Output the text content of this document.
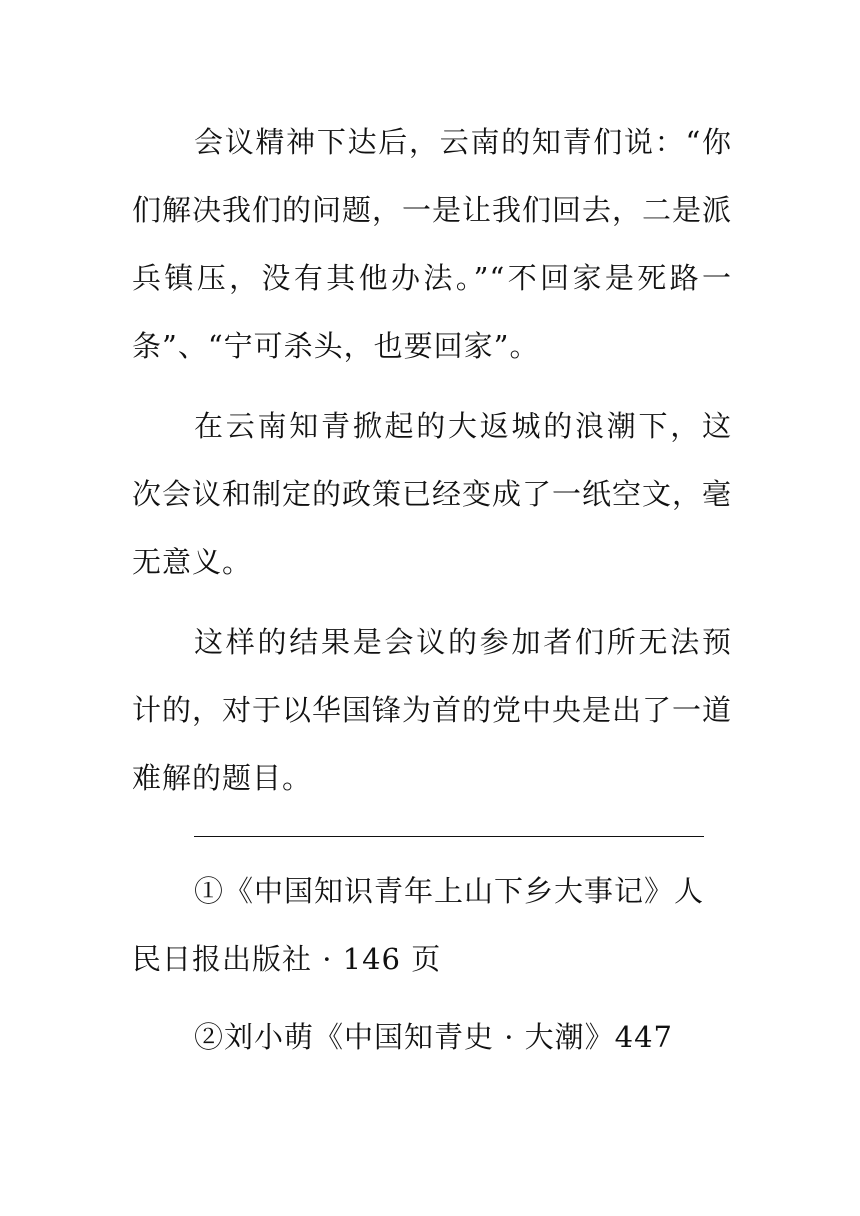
会议精神下达后，云南的知青们说：“你们解决我们的问题，一是让我们回去，二是派兵镇压，没有其他办法。”“不回家是死路一条”、“宁可杀头，也要回家”。

在云南知青掀起的大返城的浪潮下，这次会议和制定的政策已经变成了一纸空文，毫无意义。

这样的结果是会议的参加者们所无法预计的，对于以华国锋为首的党中央是出了一道难解的题目。

①《中国知识青年上山下乡大事记》人民日报出版社 · 146 页

②刘小萌《中国知青史 · 大潮》447
